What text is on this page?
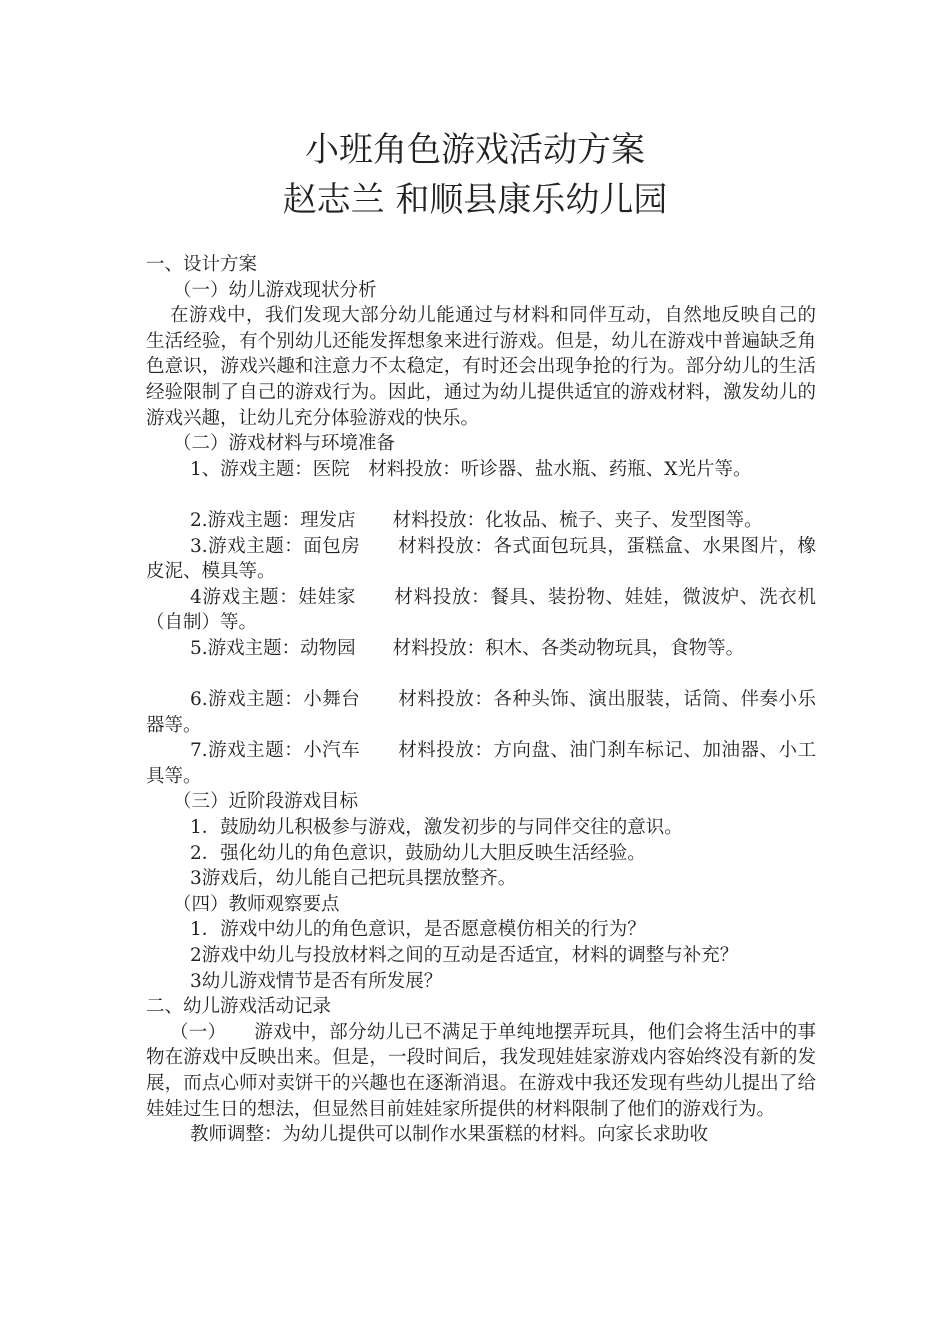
小班角色游戏活动方案
赵志兰 和顺县康乐幼儿园

一、设计方案

（一）幼儿游戏现状分析

在游戏中，我们发现大部分幼儿能通过与材料和同伴互动，自然地反映自己的生活经验，有个别幼儿还能发挥想象来进行游戏。但是，幼儿在游戏中普遍缺乏角色意识，游戏兴趣和注意力不太稳定，有时还会出现争抢的行为。部分幼儿的生活经验限制了自己的游戏行为。因此，通过为幼儿提供适宜的游戏材料，激发幼儿的游戏兴趣，让幼儿充分体验游戏的快乐。

（二）游戏材料与环境准备

1、游戏主题：医院　材料投放：听诊器、盐水瓶、药瓶、X光片等。

2.游戏主题：理发店　　材料投放：化妆品、梳子、夹子、发型图等。

3.游戏主题：面包房　　材料投放：各式面包玩具，蛋糕盒、水果图片，橡皮泥、模具等。

4游戏主题：娃娃家　　材料投放：餐具、装扮物、娃娃，微波炉、洗衣机（自制）等。

5.游戏主题：动物园　　材料投放：积木、各类动物玩具，食物等。

6.游戏主题：小舞台　　材料投放：各种头饰、演出服装，话筒、伴奏小乐器等。

7.游戏主题：小汽车　　材料投放：方向盘、油门刹车标记、加油器、小工具等。

（三）近阶段游戏目标

1．鼓励幼儿积极参与游戏，激发初步的与同伴交往的意识。

2．强化幼儿的角色意识，鼓励幼儿大胆反映生活经验。

3游戏后，幼儿能自己把玩具摆放整齐。

（四）教师观察要点

1．游戏中幼儿的角色意识，是否愿意模仿相关的行为？

2游戏中幼儿与投放材料之间的互动是否适宜，材料的调整与补充？

3幼儿游戏情节是否有所发展？

二、幼儿游戏活动记录

（一）　　游戏中，部分幼儿已不满足于单纯地摆弄玩具，他们会将生活中的事物在游戏中反映出来。但是，一段时间后，我发现娃娃家游戏内容始终没有新的发展，而点心师对卖饼干的兴趣也在逐渐消退。在游戏中我还发现有些幼儿提出了给娃娃过生日的想法，但显然目前娃娃家所提供的材料限制了他们的游戏行为。

教师调整：为幼儿提供可以制作水果蛋糕的材料。向家长求助收
